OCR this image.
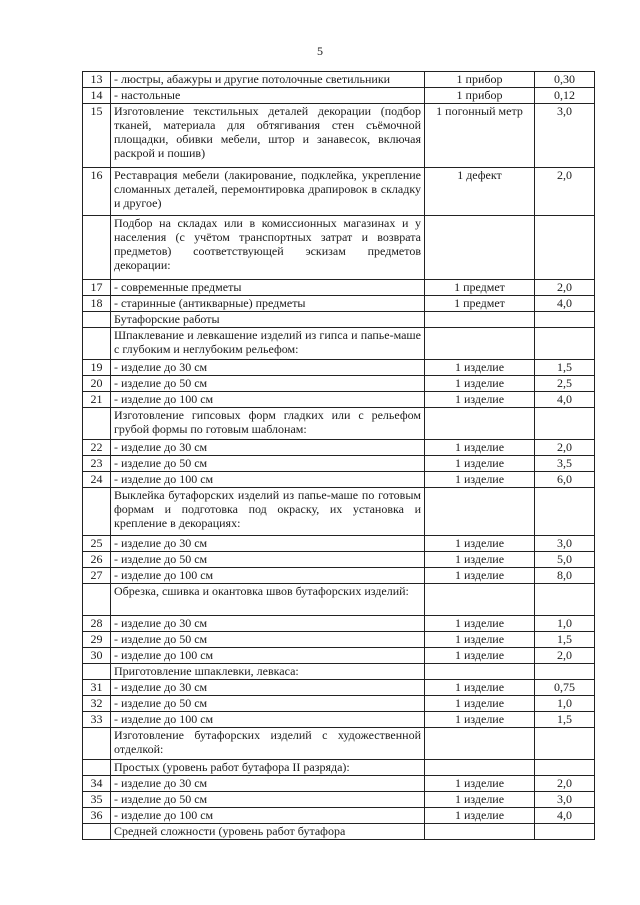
5
13	- люстры, абажуры и другие потолочные светильники	1 прибор	0,30
14	- настольные	1 прибор	0,12
15	Изготовление текстильных деталей декорации (подбор тканей, материала для обтягивания стен съёмочной площадки, обивки мебели, штор и занавесок, включая раскрой и пошив)	1 погонный метр	3,0
16	Реставрация мебели (лакирование, подклейка, укрепление сломанных деталей, перемонтировка драпировок в складку и другое)	1 дефект	2,0
	Подбор на складах или в комиссионных магазинах и у населения (с учётом транспортных затрат и возврата предметов) соответствующей эскизам предметов декорации:		
17	- современные предметы	1 предмет	2,0
18	- старинные (антикварные) предметы	1 предмет	4,0
	Бутафорские работы		
	Шпаклевание и левкашение изделий из гипса и папье-маше с глубоким и неглубоким рельефом:		
19	- изделие до 30 см	1 изделие	1,5
20	- изделие до 50 см	1 изделие	2,5
21	- изделие до 100 см	1 изделие	4,0
	Изготовление гипсовых форм гладких или с рельефом грубой формы по готовым шаблонам:		
22	- изделие до 30 см	1 изделие	2,0
23	- изделие до 50 см	1 изделие	3,5
24	- изделие до 100 см	1 изделие	6,0
	Выклейка бутафорских изделий из папье-маше по готовым формам и подготовка под окраску, их установка и крепление в декорациях:		
25	- изделие до 30 см	1 изделие	3,0
26	- изделие до 50 см	1 изделие	5,0
27	- изделие до 100 см	1 изделие	8,0
	Обрезка, сшивка и окантовка швов бутафорских изделий:		
28	- изделие до 30 см	1 изделие	1,0
29	- изделие до 50 см	1 изделие	1,5
30	- изделие до 100 см	1 изделие	2,0
	Приготовление шпаклевки, левкаса:		
31	- изделие до 30 см	1 изделие	0,75
32	- изделие до 50 см	1 изделие	1,0
33	- изделие до 100 см	1 изделие	1,5
	Изготовление бутафорских изделий с художественной отделкой:		
	Простых (уровень работ бутафора II разряда):		
34	- изделие до 30 см	1 изделие	2,0
35	- изделие до 50 см	1 изделие	3,0
36	- изделие до 100 см	1 изделие	4,0
	Средней сложности (уровень работ бутафора		
